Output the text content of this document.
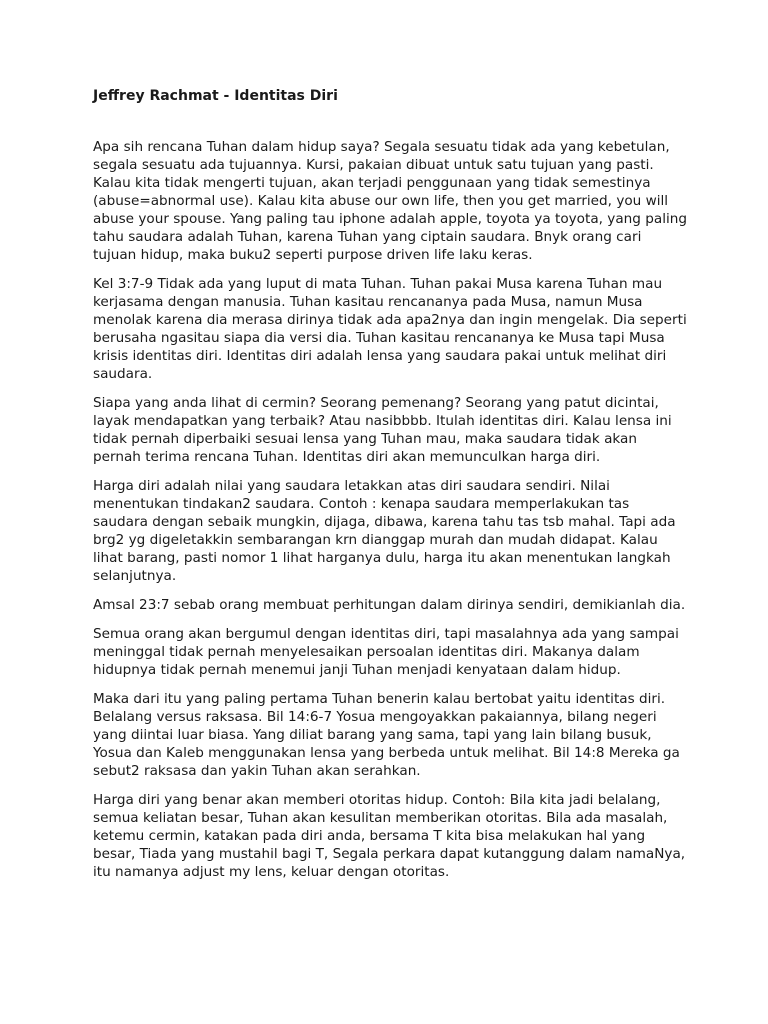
Jeffrey Rachmat - Identitas Diri

Apa sih rencana Tuhan dalam hidup saya? Segala sesuatu tidak ada yang kebetulan, segala sesuatu ada tujuannya. Kursi, pakaian dibuat untuk satu tujuan yang pasti. Kalau kita tidak mengerti tujuan, akan terjadi penggunaan yang tidak semestinya (abuse=abnormal use). Kalau kita abuse our own life, then you get married, you will abuse your spouse. Yang paling tau iphone adalah apple, toyota ya toyota, yang paling tahu saudara adalah Tuhan, karena Tuhan yang ciptain saudara. Bnyk orang cari tujuan hidup, maka buku2 seperti purpose driven life laku keras.

Kel 3:7-9 Tidak ada yang luput di mata Tuhan. Tuhan pakai Musa karena Tuhan mau kerjasama dengan manusia. Tuhan kasitau rencananya pada Musa, namun Musa menolak karena dia merasa dirinya tidak ada apa2nya dan ingin mengelak. Dia seperti berusaha ngasitau siapa dia versi dia. Tuhan kasitau rencananya ke Musa tapi Musa krisis identitas diri. Identitas diri adalah lensa yang saudara pakai untuk melihat diri saudara.

Siapa yang anda lihat di cermin? Seorang pemenang? Seorang yang patut dicintai, layak mendapatkan yang terbaik? Atau nasibbbb. Itulah identitas diri. Kalau lensa ini tidak pernah diperbaiki sesuai lensa yang Tuhan mau, maka saudara tidak akan pernah terima rencana Tuhan. Identitas diri akan memunculkan harga diri.

Harga diri adalah nilai yang saudara letakkan atas diri saudara sendiri. Nilai menentukan tindakan2 saudara. Contoh : kenapa saudara memperlakukan tas saudara dengan sebaik mungkin, dijaga, dibawa, karena tahu tas tsb mahal. Tapi ada brg2 yg digeletakkin sembarangan krn dianggap murah dan mudah didapat. Kalau lihat barang, pasti nomor 1 lihat harganya dulu, harga itu akan menentukan langkah selanjutnya.

Amsal 23:7 sebab orang membuat perhitungan dalam dirinya sendiri, demikianlah dia.

Semua orang akan bergumul dengan identitas diri, tapi masalahnya ada yang sampai meninggal tidak pernah menyelesaikan persoalan identitas diri. Makanya dalam hidupnya tidak pernah menemui janji Tuhan menjadi kenyataan dalam hidup.

Maka dari itu yang paling pertama Tuhan benerin kalau bertobat yaitu identitas diri. Belalang versus raksasa. Bil 14:6-7 Yosua mengoyakkan pakaiannya, bilang negeri yang diintai luar biasa. Yang diliat barang yang sama, tapi yang lain bilang busuk, Yosua dan Kaleb menggunakan lensa yang berbeda untuk melihat. Bil 14:8 Mereka ga sebut2 raksasa dan yakin Tuhan akan serahkan.

Harga diri yang benar akan memberi otoritas hidup. Contoh: Bila kita jadi belalang, semua keliatan besar, Tuhan akan kesulitan memberikan otoritas. Bila ada masalah, ketemu cermin, katakan pada diri anda, bersama T kita bisa melakukan hal yang besar, Tiada yang mustahil bagi T, Segala perkara dapat kutanggung dalam namaNya, itu namanya adjust my lens, keluar dengan otoritas.
